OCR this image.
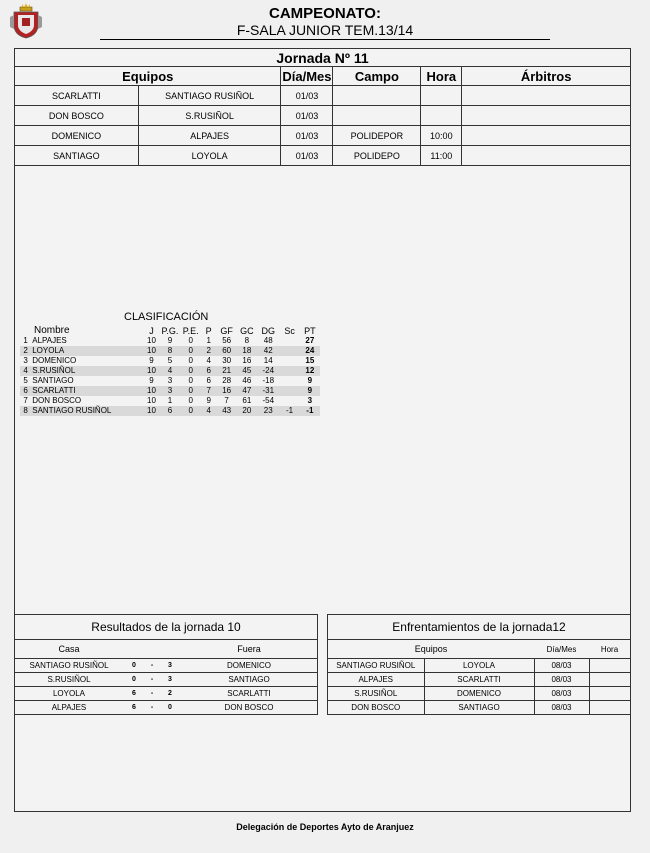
CAMPEONATO:
F-SALA JUNIOR TEM.13/14
Jornada Nº 11					
Equipos		Día/Mes	Campo	Hora	Árbitros
SCARLATTI	SANTIAGO RUSIÑOL	01/03			
DON BOSCO	S.RUSIÑOL	01/03			
DOMENICO	ALPAJES	01/03	POLIDEPOR	10:00	
SANTIAGO	LOYOLA	01/03	POLIDEPO	11:00	
CLASIFICACIÓN
Nombre		J	P.G.	P.E.	P	GF	GC	DG	Sc	PT
1	ALPAJES	10	9	0	1	56	8	48		27
2	LOYOLA	10	8	0	2	60	18	42		24
3	DOMENICO	9	5	0	4	30	16	14		15
4	S.RUSIÑOL	10	4	0	6	21	45	-24		12
5	SANTIAGO	9	3	0	6	28	46	-18		9
6	SCARLATTI	10	3	0	7	16	47	-31		9
7	DON BOSCO	10	1	0	9	7	61	-54		3
8	SANTIAGO RUSIÑOL	10	6	0	4	43	20	23	-1	-1
Resultados de la jornada 10				
Casa				Fuera
SANTIAGO RUSIÑOL	0	-	3	DOMENICO
S.RUSIÑOL	0	-	3	SANTIAGO
LOYOLA	6	-	2	SCARLATTI
ALPAJES	6	-	0	DON BOSCO
Enfrentamientos de la jornada12			
Equipos		Día/Mes	Hora
SANTIAGO RUSIÑOL	LOYOLA	08/03	
ALPAJES	SCARLATTI	08/03	
S.RUSIÑOL	DOMENICO	08/03	
DON BOSCO	SANTIAGO	08/03	
Delegación de Deportes Ayto de Aranjuez
